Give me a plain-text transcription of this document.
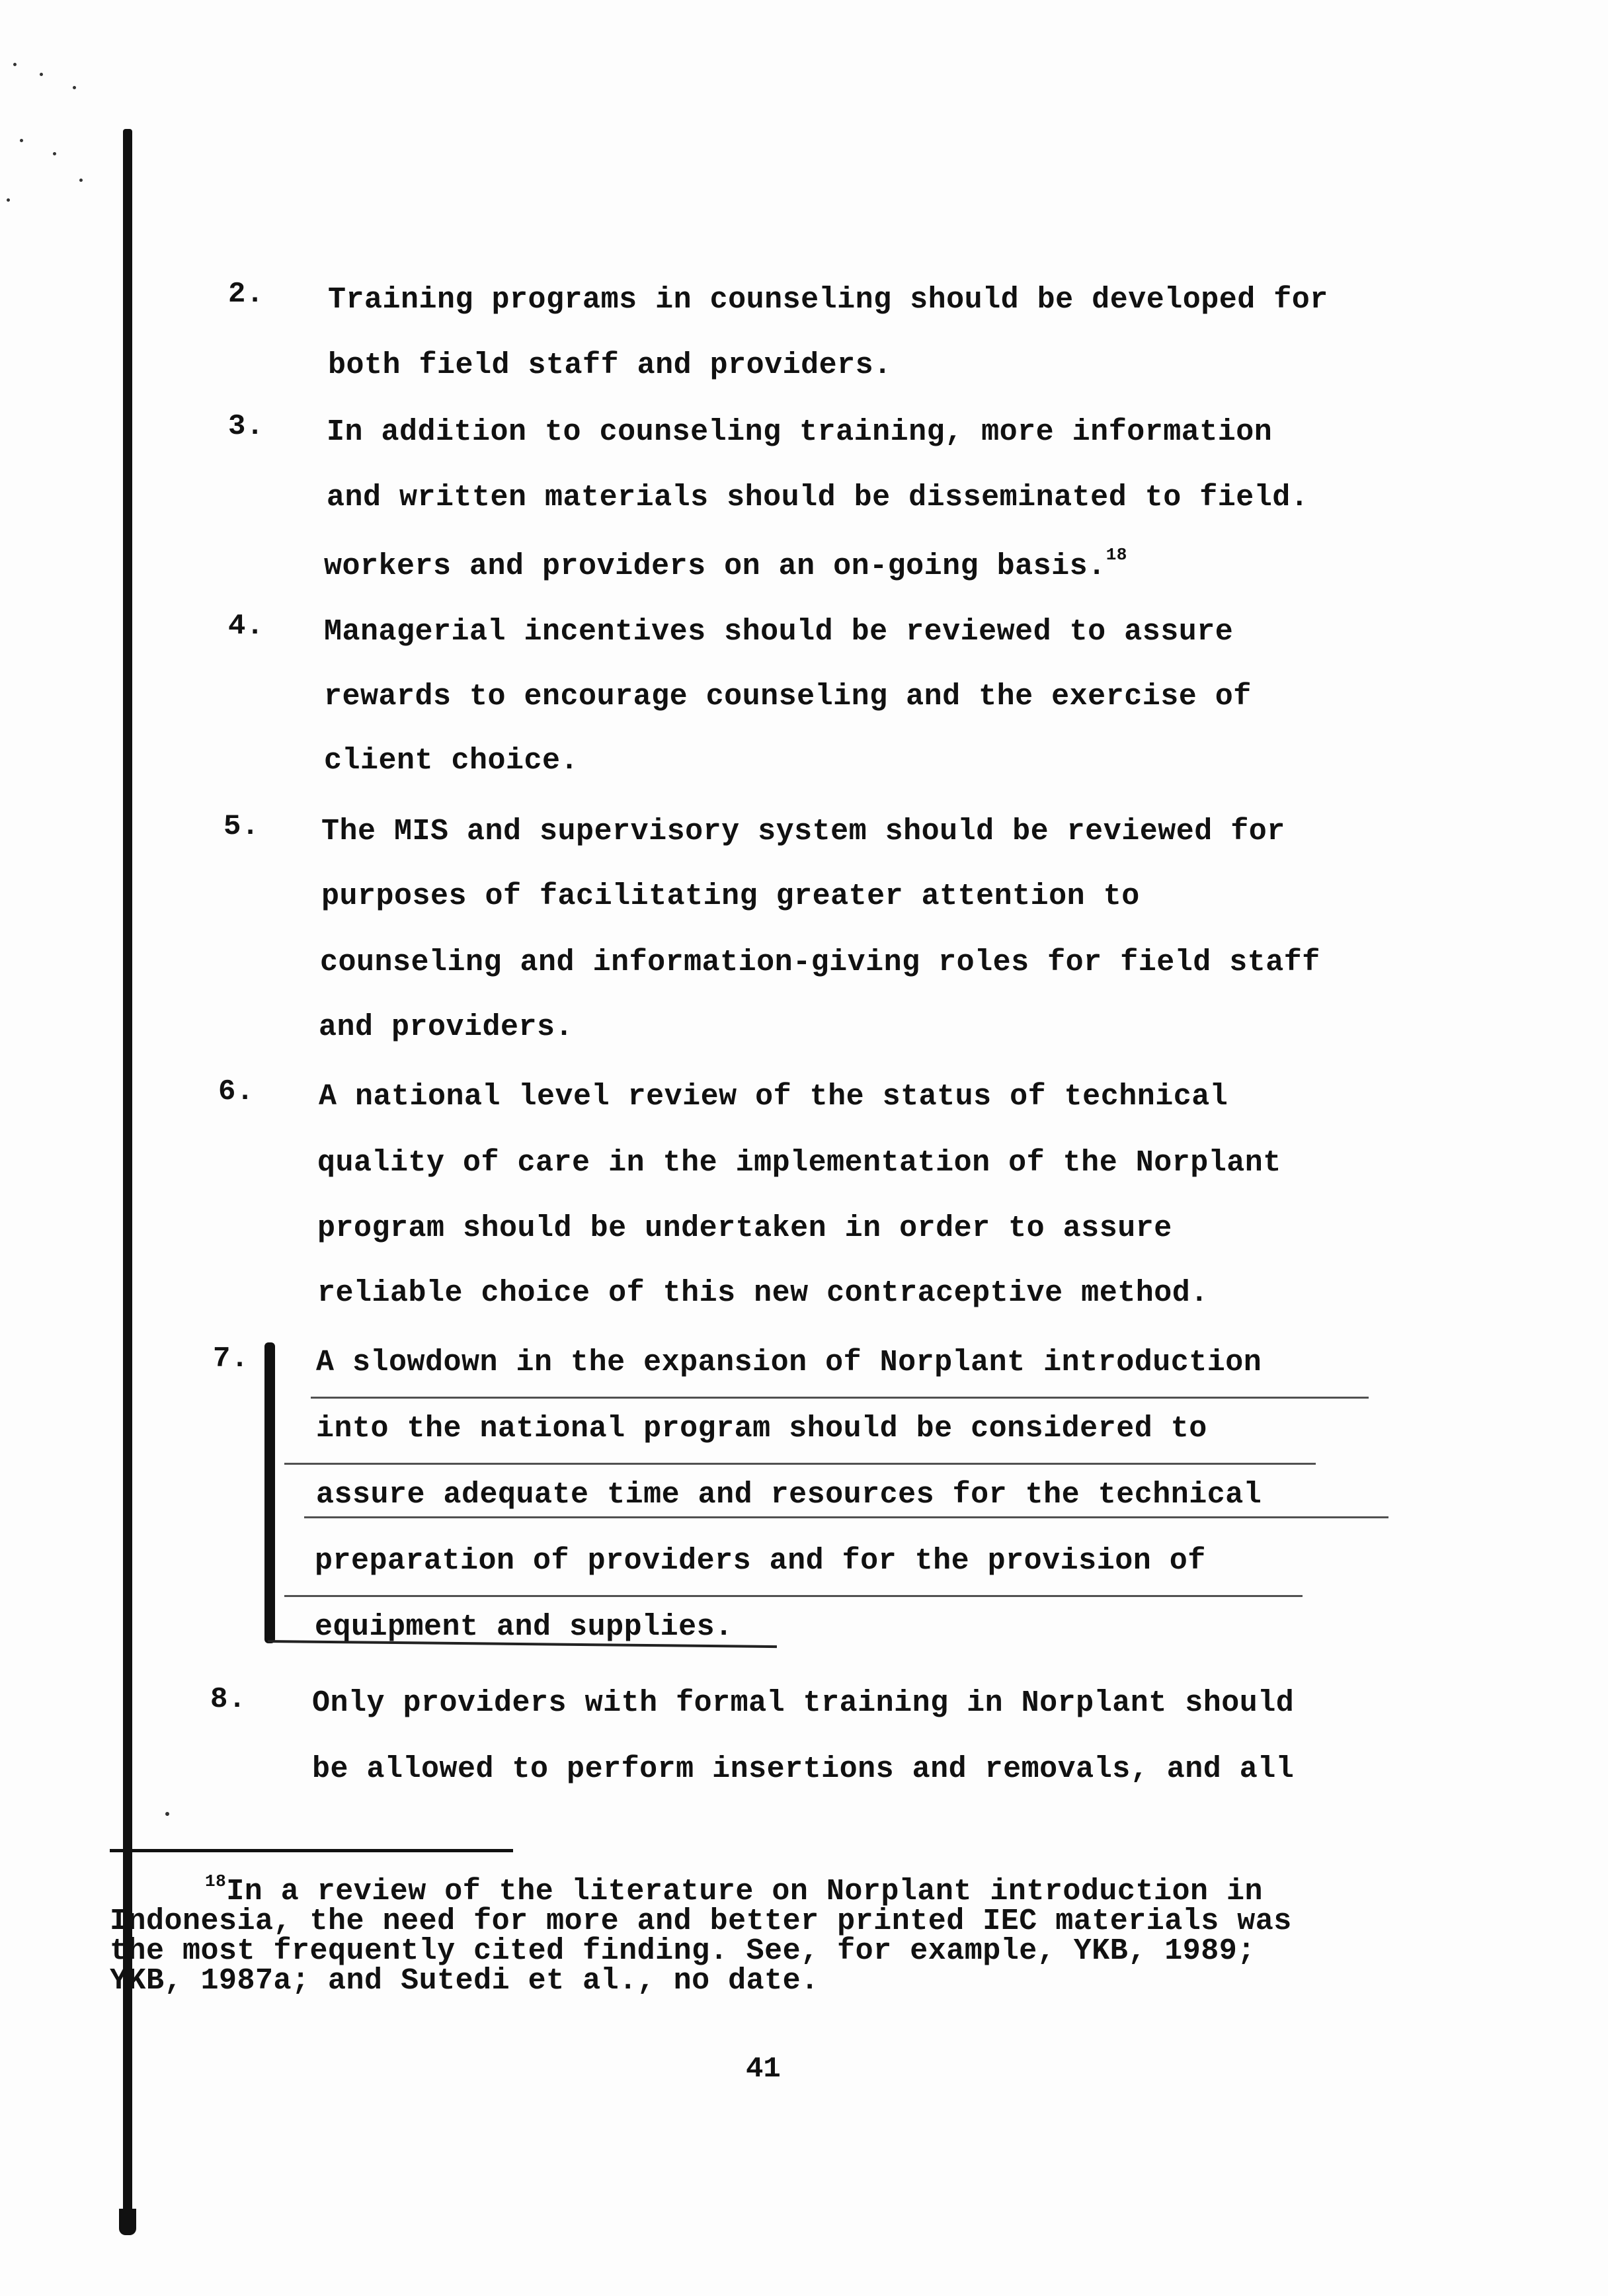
2. Training programs in counseling should be developed for
both field staff and providers.
3. In addition to counseling training, more information
and written materials should be disseminated to field.
workers and providers on an on-going basis.$^{18}$
4. Managerial incentives should be reviewed to assure
rewards to encourage counseling and the exercise of
client choice.
5. The MIS and supervisory system should be reviewed for
purposes of facilitating greater attention to
counseling and information-giving roles for field staff
and providers.
6. A national level review of the status of technical
quality of care in the implementation of the Norplant
program should be undertaken in order to assure
reliable choice of this new contraceptive method.
7. A slowdown in the expansion of Norplant introduction
into the national program should be considered to
assure adequate time and resources for the technical
preparation of providers and for the provision of
equipment and supplies.
8. Only providers with formal training in Norplant should
be allowed to perform insertions and removals, and all
$^{18}$In a review of the literature on Norplant introduction in
Indonesia, the need for more and better printed IEC materials was
the most frequently cited finding. See, for example, YKB, 1989;
YKB, 1987a; and Sutedi et al., no date.
41
